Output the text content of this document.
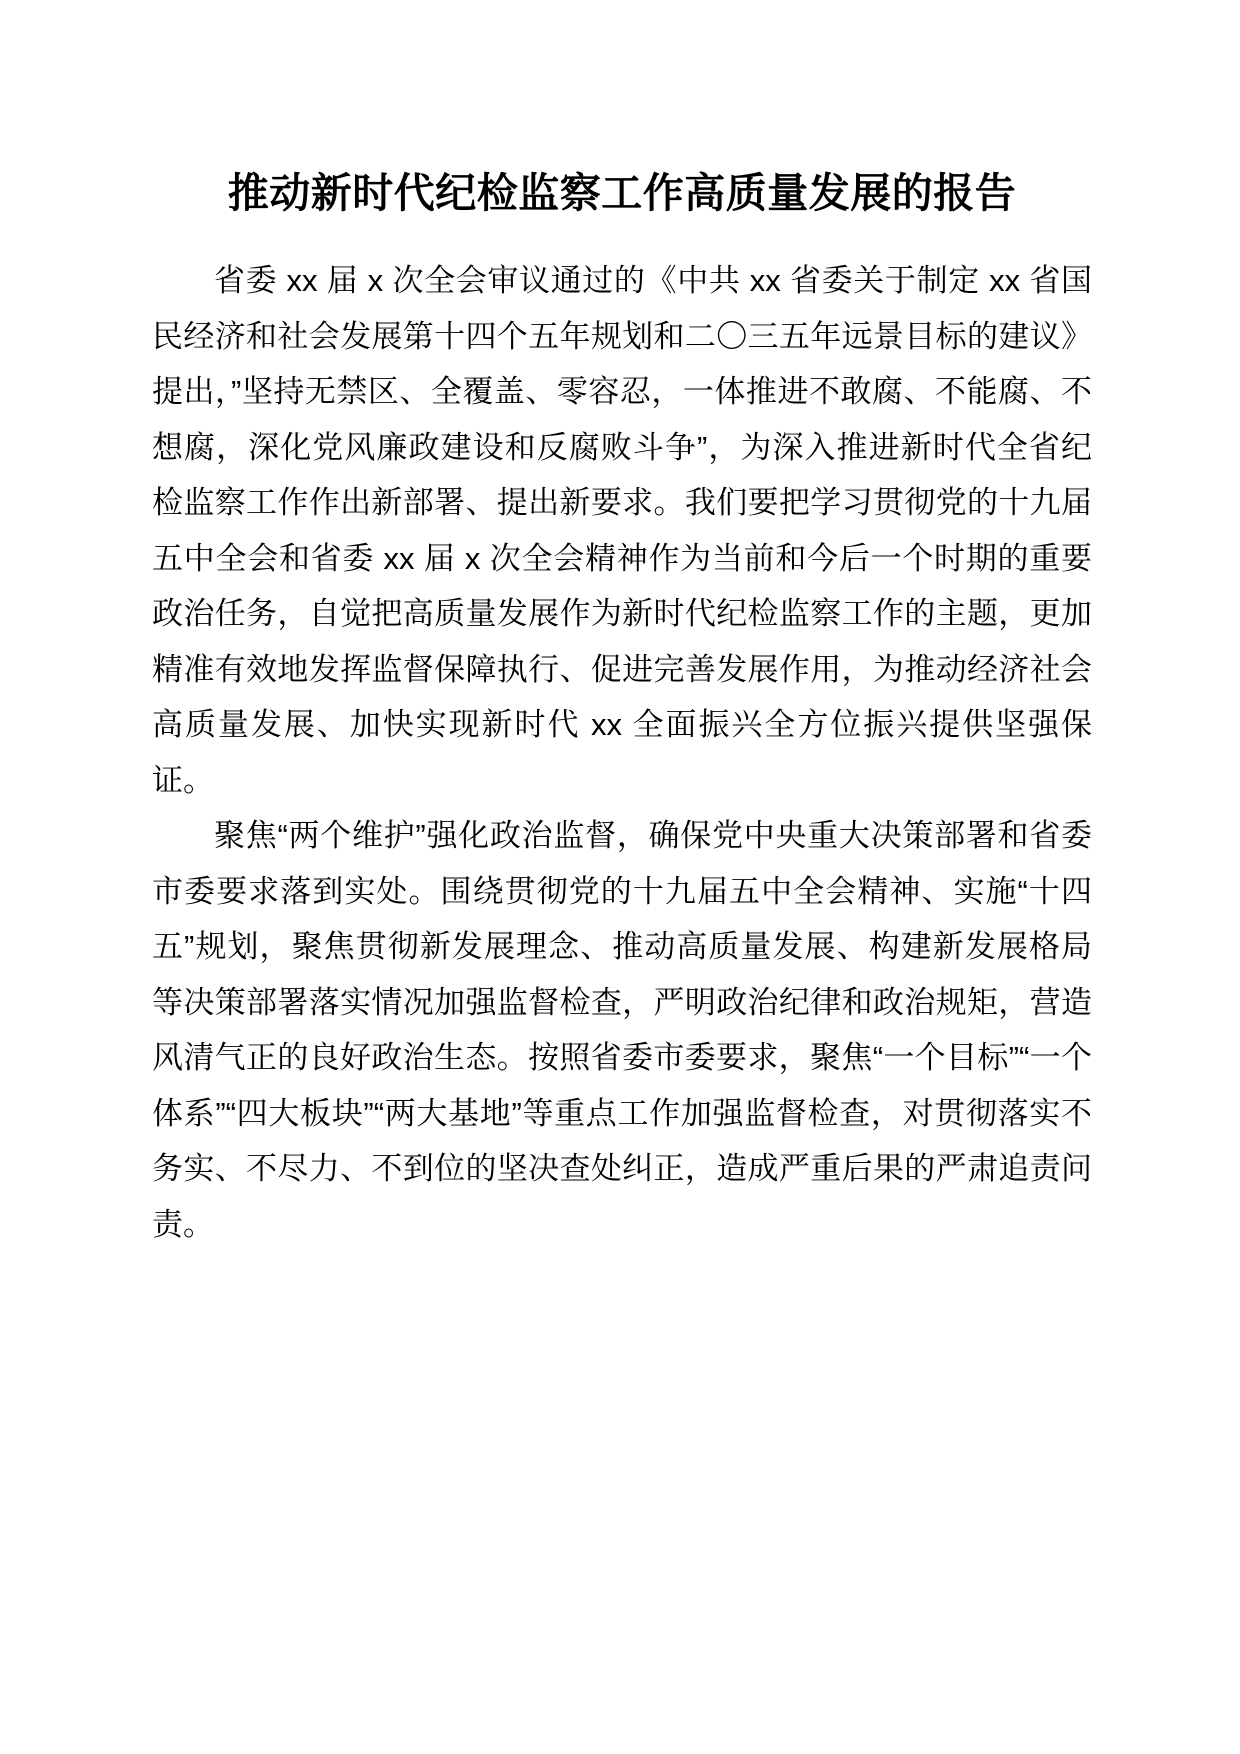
推动新时代纪检监察工作高质量发展的报告

省委 xx 届 x 次全会审议通过的《中共 xx 省委关于制定 xx 省国民经济和社会发展第十四个五年规划和二〇三五年远景目标的建议》提出，”坚持无禁区、全覆盖、零容忍，一体推进不敢腐、不能腐、不想腐，深化党风廉政建设和反腐败斗争”，为深入推进新时代全省纪检监察工作作出新部署、提出新要求。我们要把学习贯彻党的十九届五中全会和省委 xx 届 x 次全会精神作为当前和今后一个时期的重要政治任务，自觉把高质量发展作为新时代纪检监察工作的主题，更加精准有效地发挥监督保障执行、促进完善发展作用，为推动经济社会高质量发展、加快实现新时代 xx 全面振兴全方位振兴提供坚强保证。

聚焦“两个维护”强化政治监督，确保党中央重大决策部署和省委市委要求落到实处。围绕贯彻党的十九届五中全会精神、实施“十四五”规划，聚焦贯彻新发展理念、推动高质量发展、构建新发展格局等决策部署落实情况加强监督检查，严明政治纪律和政治规矩，营造风清气正的良好政治生态。按照省委市委要求，聚焦“一个目标”“一个体系”“四大板块”“两大基地”等重点工作加强监督检查，对贯彻落实不务实、不尽力、不到位的坚决查处纠正，造成严重后果的严肃追责问责。
